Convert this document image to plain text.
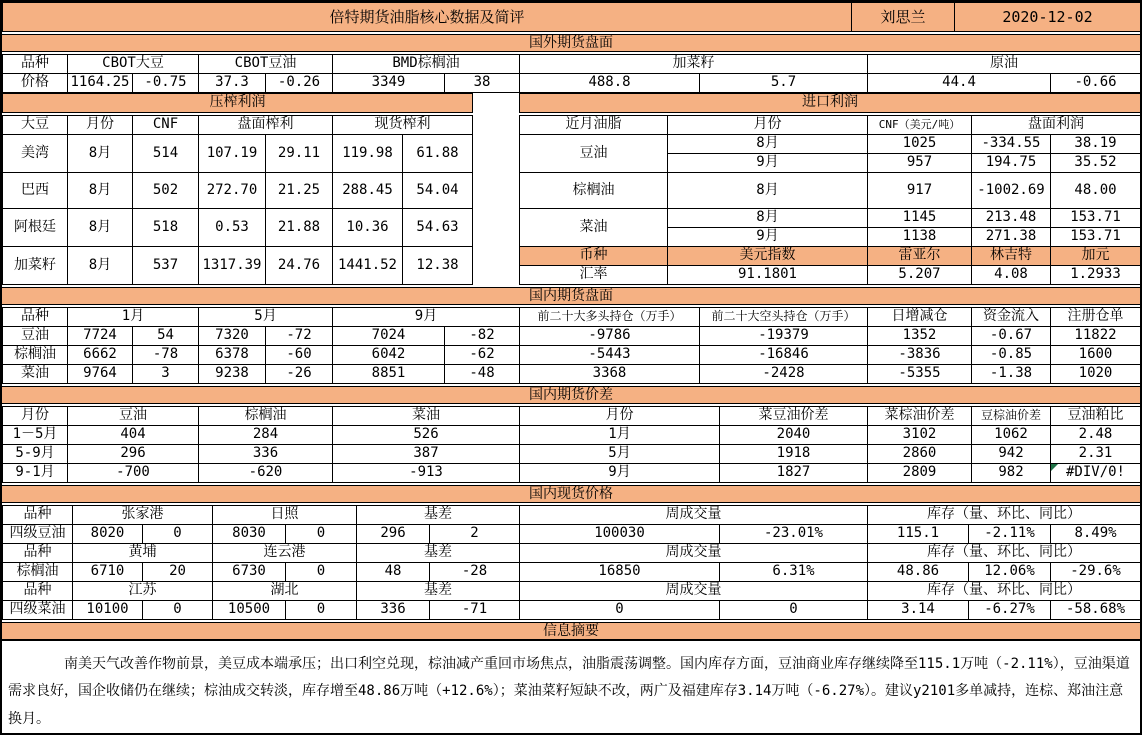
倍特期货油脂核心数据及简评	刘思兰	2020-12-02
国外期货盘面
品种	CBOT大豆		CBOT豆油		BMD棕榈油		加菜籽		原油	
价格	1164.25	-0.75	37.3	-0.26	3349	38	488.8	5.7	44.4	-0.66
压榨利润		进口利润
大豆	月份	CNF	盘面榨利		现货榨利			近月油脂	月份	CNF（美元/吨）	盘面利润	
美湾	8月	514	107.19	29.11	119.98	61.88		豆油	8月	1025	-334.55	38.19
									9月	957	194.75	35.52
巴西	8月	502	272.70	21.25	288.45	54.04		棕榈油	8月	917	-1002.69	48.00

阿根廷	8月	518	0.53	21.88	10.36	54.63		菜油	8月	1145	213.48	153.71
									9月	1138	271.38	153.71
加菜籽	8月	537	1317.39	24.76	1441.52	12.38		币种	美元指数	雷亚尔	林吉特	加元
								汇率	91.1801	5.207	4.08	1.2933
国内期货盘面
品种	1月		5月		9月		前二十大多头持仓（万手）	前二十大空头持仓（万手）	日增减仓	资金流入	注册仓单
豆油	7724	54	7320	-72	7024	-82	-9786	-19379	1352	-0.67	11822
棕榈油	6662	-78	6378	-60	6042	-62	-5443	-16846	-3836	-0.85	1600
菜油	9764	3	9238	-26	8851	-48	3368	-2428	-5355	-1.38	1020
国内期货价差
月份	豆油	棕榈油	菜油	月份	菜豆油价差	菜棕油价差	豆棕油价差	豆油粕比
1－5月	404	284	526	1月	2040	3102	1062	2.48
5-9月	296	336	387	5月	1918	2860	942	2.31
9-1月	-700	-620	-913	9月	1827	2809	982	#DIV/0!
国内现货价格
品种	张家港		日照		基差		周成交量		库存（量、环比、同比）		
四级豆油	8020	0	8030	0	296	2	100030	-23.01%	115.1	-2.11%	8.49%
品种	黄埔		连云港		基差		周成交量		库存（量、环比、同比）		
棕榈油	6710	20	6730	0	48	-28	16850	6.31%	48.86	12.06%	-29.6%
品种	江苏		湖北		基差		周成交量		库存（量、环比、同比）		
四级菜油	10100	0	10500	0	336	-71	0	0	3.14	-6.27%	-58.68%
信息摘要

南美天气改善作物前景，美豆成本端承压；出口利空兑现，棕油减产重回市场焦点，油脂震荡调整。国内库存方面，豆油商业库存继续降至115.1万吨（-2.11%），豆油渠道需求良好，国企收储仍在继续；棕油成交转淡，库存增至48.86万吨（+12.6%）；菜油菜籽短缺不改，两广及福建库存3.14万吨（-6.27%）。建议y2101多单减持，连棕、郑油注意换月。
